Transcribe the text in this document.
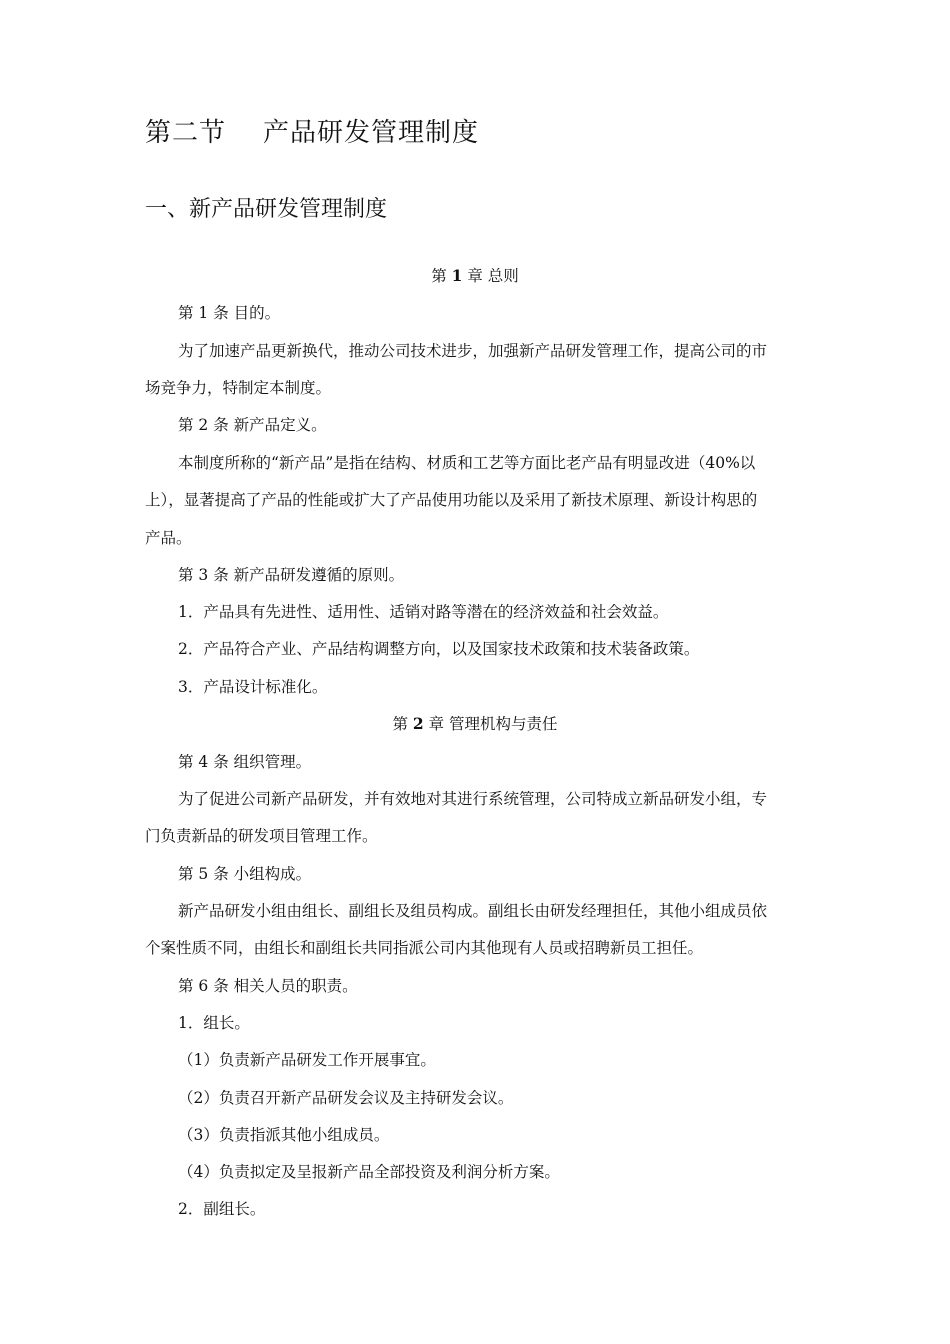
第二节    产品研发管理制度
一、新产品研发管理制度
第 1 章 总则
第 1 条 目的。
为了加速产品更新换代，推动公司技术进步，加强新产品研发管理工作，提高公司的市
场竞争力，特制定本制度。
第 2 条 新产品定义。
本制度所称的“新产品”是指在结构、材质和工艺等方面比老产品有明显改进（40%以
上），显著提高了产品的性能或扩大了产品使用功能以及采用了新技术原理、新设计构思的
产品。
第 3 条 新产品研发遵循的原则。
1．产品具有先进性、适用性、适销对路等潜在的经济效益和社会效益。
2．产品符合产业、产品结构调整方向，以及国家技术政策和技术装备政策。
3．产品设计标准化。
第 2 章 管理机构与责任
第 4 条 组织管理。
为了促进公司新产品研发，并有效地对其进行系统管理，公司特成立新品研发小组，专
门负责新品的研发项目管理工作。
第 5 条 小组构成。
新产品研发小组由组长、副组长及组员构成。副组长由研发经理担任，其他小组成员依
个案性质不同，由组长和副组长共同指派公司内其他现有人员或招聘新员工担任。
第 6 条 相关人员的职责。
1．组长。
（1）负责新产品研发工作开展事宜。
（2）负责召开新产品研发会议及主持研发会议。
（3）负责指派其他小组成员。
（4）负责拟定及呈报新产品全部投资及利润分析方案。
2．副组长。
